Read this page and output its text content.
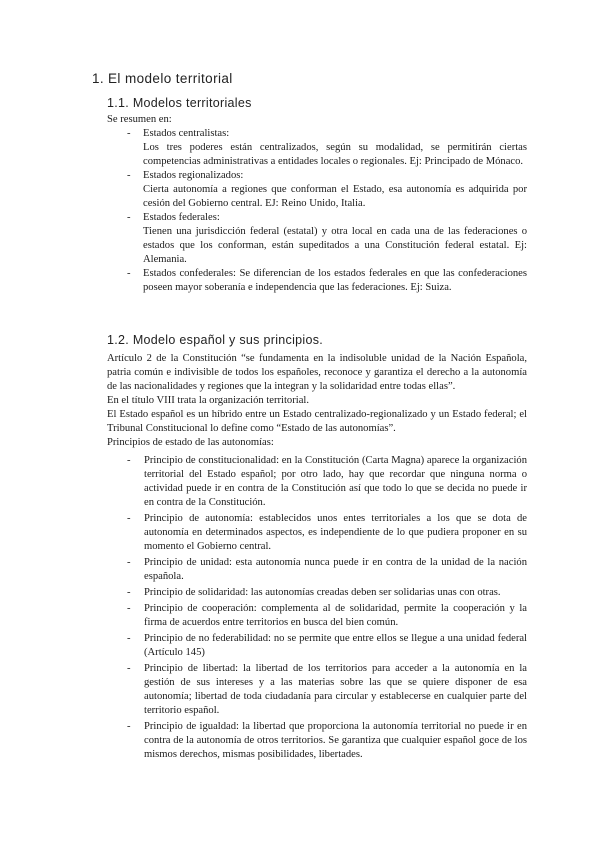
1. El modelo territorial
1.1. Modelos territoriales
Se resumen en:
- Estados centralistas:
Los tres poderes están centralizados, según su modalidad, se permitirán ciertas competencias administrativas a entidades locales o regionales. Ej: Principado de Mónaco.
- Estados regionalizados:
Cierta autonomía a regiones que conforman el Estado, esa autonomía es adquirida por cesión del Gobierno central. EJ: Reino Unido, Italia.
- Estados federales:
Tienen una jurisdicción federal (estatal) y otra local en cada una de las federaciones o estados que los conforman, están supeditados a una Constitución federal estatal. Ej: Alemania.
- Estados confederales: Se diferencian de los estados federales en que las confederaciones poseen mayor soberanía e independencia que las federaciones. Ej: Suiza.
1.2. Modelo español y sus principios.

Artículo 2 de la Constitución “se fundamenta en la indisoluble unidad de la Nación Española, patria común e indivisible de todos los españoles, reconoce y garantiza el derecho a la autonomía de las nacionalidades y regiones que la integran y la solidaridad entre todas ellas”.

En el título VIII trata la organización territorial.

El Estado español es un híbrido entre un Estado centralizado-regionalizado y un Estado federal; el Tribunal Constitucional lo define como “Estado de las autonomías”.

Principios de estado de las autonomías:

- Principio de constitucionalidad: en la Constitución (Carta Magna) aparece la organización territorial del Estado español; por otro lado, hay que recordar que ninguna norma o actividad puede ir en contra de la Constitución así que todo lo que se decida no puede ir en contra de la Constitución.
- Principio de autonomía: establecidos unos entes territoriales a los que se dota de autonomía en determinados aspectos, es independiente de lo que pudiera proponer en su momento el Gobierno central.
- Principio de unidad: esta autonomía nunca puede ir en contra de la unidad de la nación española.
- Principio de solidaridad: las autonomías creadas deben ser solidarias unas con otras.
- Principio de cooperación: complementa al de solidaridad, permite la cooperación y la firma de acuerdos entre territorios en busca del bien común.
- Principio de no federabilidad: no se permite que entre ellos se llegue a una unidad federal (Artículo 145)
- Principio de libertad: la libertad de los territorios para acceder a la autonomía en la gestión de sus intereses y a las materias sobre las que se quiere disponer de esa autonomía; libertad de toda ciudadanía para circular y establecerse en cualquier parte del territorio español.
- Principio de igualdad: la libertad que proporciona la autonomía territorial no puede ir en contra de la autonomía de otros territorios. Se garantiza que cualquier español goce de los mismos derechos, mismas posibilidades, libertades.
